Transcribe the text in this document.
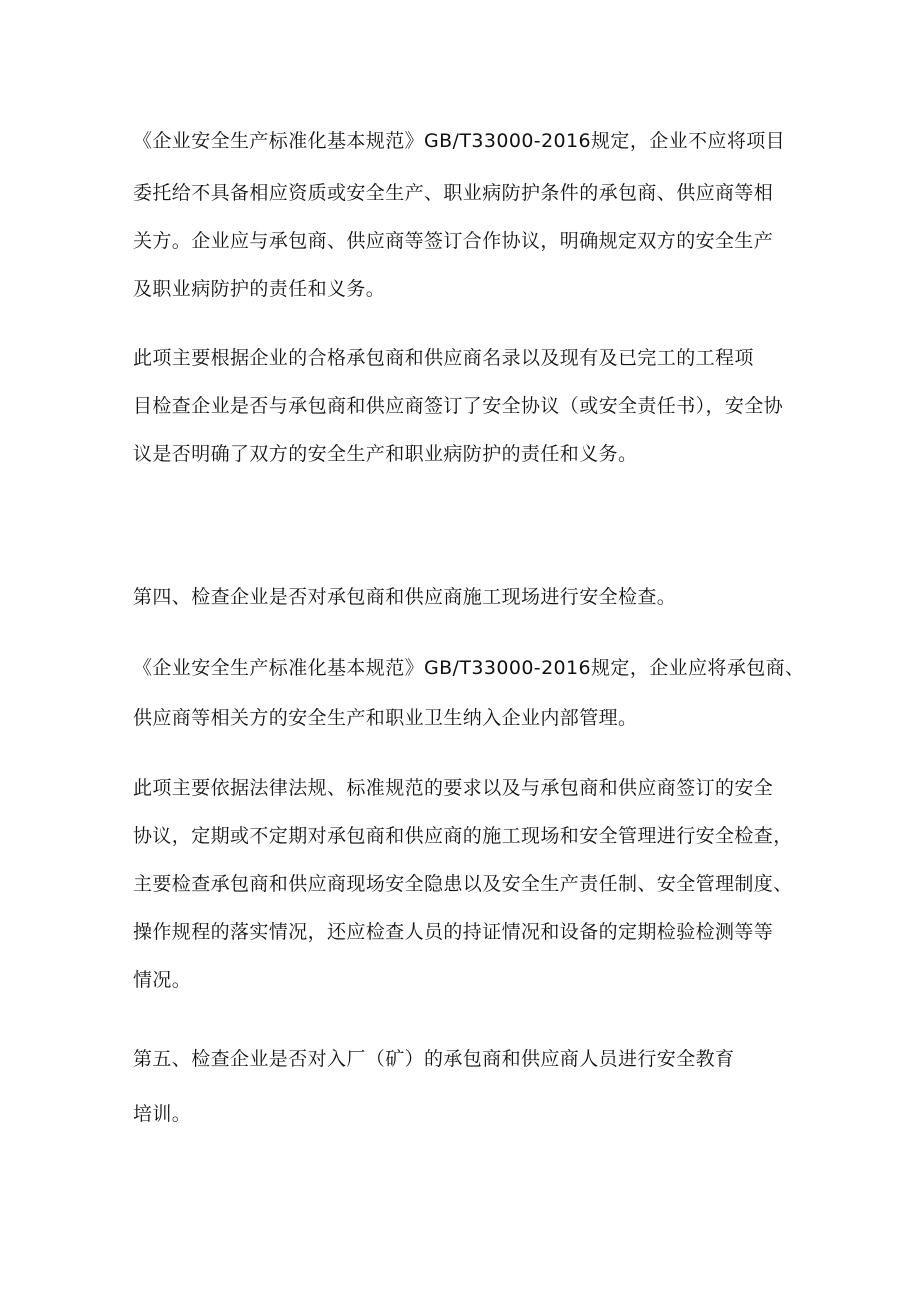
《企业安全生产标准化基本规范》GB/T33000-2016规定，企业不应将项目

委托给不具备相应资质或安全生产、职业病防护条件的承包商、供应商等相

关方。企业应与承包商、供应商等签订合作协议，明确规定双方的安全生产

及职业病防护的责任和义务。

此项主要根据企业的合格承包商和供应商名录以及现有及已完工的工程项

目检查企业是否与承包商和供应商签订了安全协议（或安全责任书），安全协

议是否明确了双方的安全生产和职业病防护的责任和义务。

第四、检查企业是否对承包商和供应商施工现场进行安全检查。

《企业安全生产标准化基本规范》GB/T33000-2016规定，企业应将承包商、

供应商等相关方的安全生产和职业卫生纳入企业内部管理。

此项主要依据法律法规、标准规范的要求以及与承包商和供应商签订的安全

协议，定期或不定期对承包商和供应商的施工现场和安全管理进行安全检查，

主要检查承包商和供应商现场安全隐患以及安全生产责任制、安全管理制度、

操作规程的落实情况，还应检查人员的持证情况和设备的定期检验检测等等

情况。

第五、检查企业是否对入厂（矿）的承包商和供应商人员进行安全教育

培训。
